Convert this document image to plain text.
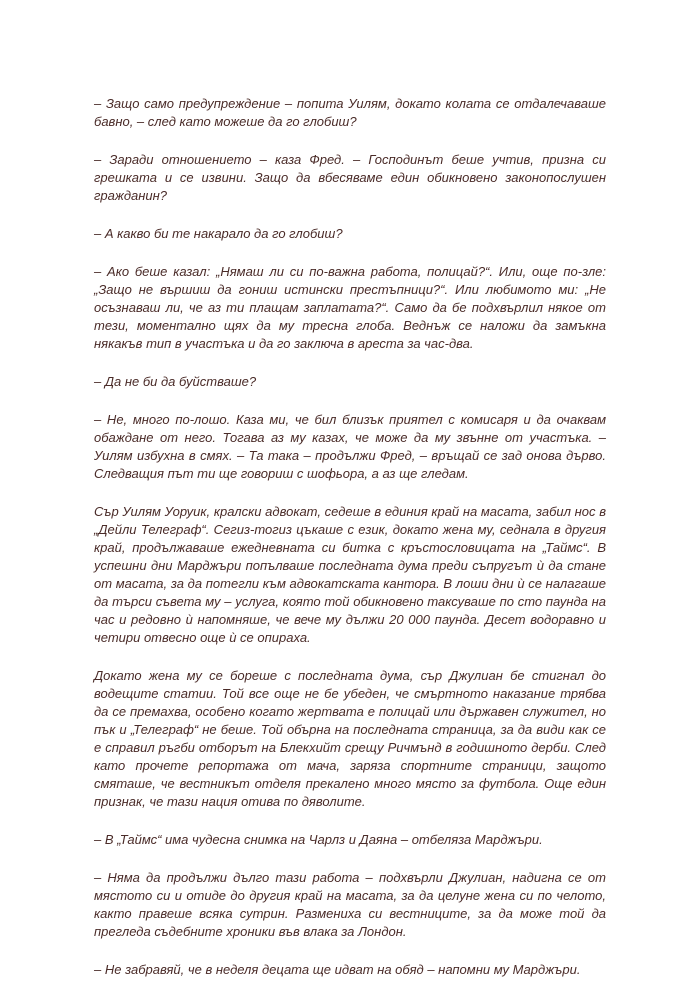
– Защо само предупреждение – попита Уилям, докато колата се отдалечаваше бавно, – след като можеше да го глобиш?

– Заради отношението – каза Фред. – Господинът беше учтив, призна си грешката и се извини. Защо да вбесяваме един обикновено законопослушен гражданин?

– А какво би те накарало да го глобиш?

– Ако беше казал: „Нямаш ли си по-важна работа, полицай?“. Или, още по-зле: „Защо не вършиш да гониш истински престъпници?“. Или любимото ми: „Не осъзнаваш ли, че аз ти плащам заплатата?“. Само да бе подхвърлил някое от тези, моментално щях да му тресна глоба. Веднъж се наложи да замъкна някакъв тип в участъка и да го заключа в ареста за час-два.

– Да не би да буйстваше?

– Не, много по-лошо. Каза ми, че бил близък приятел с комисаря и да очаквам обаждане от него. Тогава аз му казах, че може да му звънне от участъка. – Уилям избухна в смях. – Та така – продължи Фред, – връщай се зад онова дърво. Следващия път ти ще говориш с шофьора, а аз ще гледам.

Сър Уилям Уоруик, кралски адвокат, седеше в единия край на масата, забил нос в „Дейли Телеграф“. Сегиз-тогиз цъкаше с език, докато жена му, седнала в другия край, продължаваше ежедневната си битка с кръстословицата на „Таймс“. В успешни дни Марджъри попълваше последната дума преди съпругът ѝ да стане от масата, за да потегли към адвокатската кантора. В лоши дни ѝ се налагаше да търси съвета му – услуга, която той обикновено таксуваше по сто паунда на час и редовно ѝ напомняше, че вече му дължи 20 000 паунда. Десет водоравно и четири отвесно още ѝ се опираха.

Докато жена му се бореше с последната дума, сър Джулиан бе стигнал до водещите статии. Той все още не бе убеден, че смъртното наказание трябва да се премахва, особено когато жертвата е полицай или държавен служител, но пък и „Телеграф“ не беше. Той обърна на последната страница, за да види как се е справил ръгби отборът на Блекхийт срещу Ричмънд в годишното дерби. След като прочете репортажа от мача, заряза спортните страници, защото смяташе, че вестникът отделя прекалено много място за футбола. Още един признак, че тази нация отива по дяволите.

– В „Таймс“ има чудесна снимка на Чарлз и Даяна – отбеляза Марджъри.

– Няма да продължи дълго тази работа – подхвърли Джулиан, надигна се от мястото си и отиде до другия край на масата, за да целуне жена си по челото, както правеше всяка сутрин. Размениха си вестниците, за да може той да прегледа съдебните хроники във влака за Лондон.

– Не забравяй, че в неделя децата ще идват на обяд – напомни му Марджъри.
